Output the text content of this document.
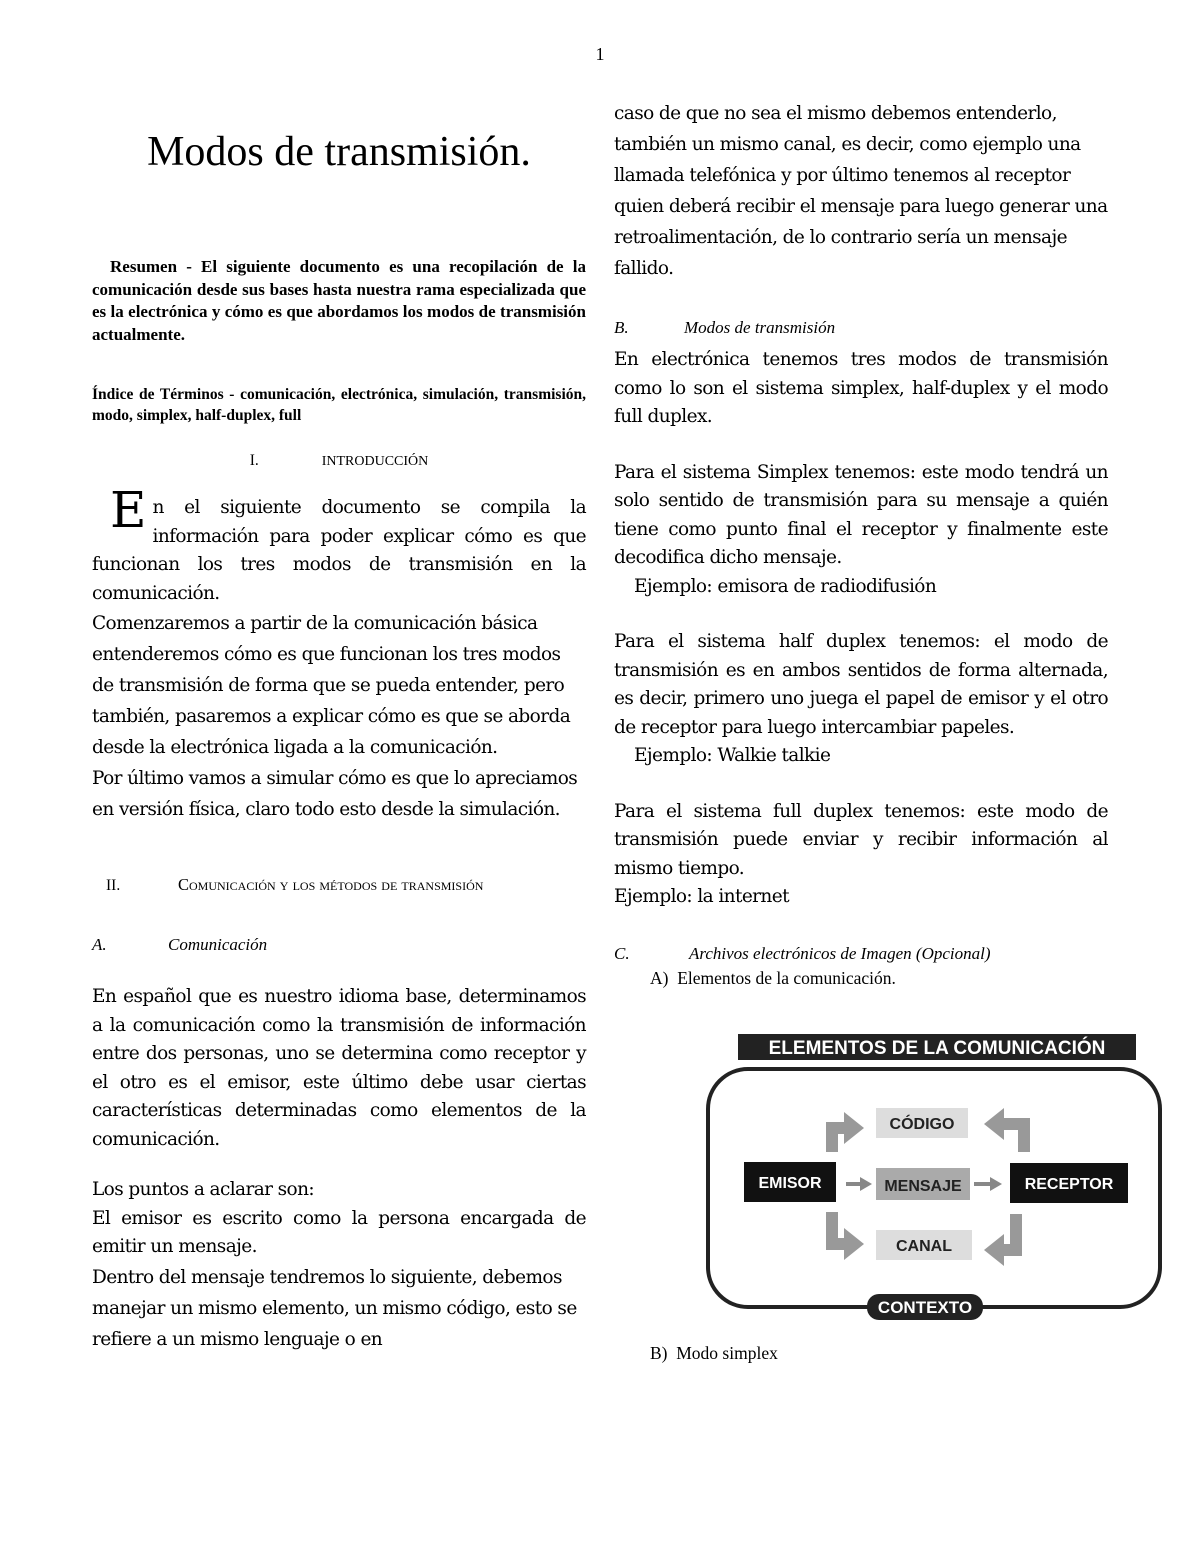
1
Modos de transmisión.
Resumen - El siguiente documento es una recopilación de la comunicación desde sus bases hasta nuestra rama especializada que es la electrónica y cómo es que abordamos los modos de transmisión actualmente.
Índice de Términos - comunicación, electrónica, simulación, transmisión, modo, simplex, half-duplex, full
I.	INTRODUCCIÓN
E n el siguiente documento se compila la información para poder explicar cómo es que funcionan los tres modos de transmisión en la comunicación.

Comenzaremos a partir de la comunicación básica entenderemos cómo es que funcionan los tres modos de transmisión de forma que se pueda entender, pero también, pasaremos a explicar cómo es que se aborda desde la electrónica ligada a la comunicación.

Por último vamos a simular cómo es que lo apreciamos en versión física, claro todo esto desde la simulación.

II.	Comunicación y los métodos de transmisión
A.	Comunicación

En español que es nuestro idioma base, determinamos a la comunicación como la transmisión de información entre dos personas, uno se determina como receptor y el otro es el emisor, este último debe usar ciertas características determinadas como elementos de la comunicación.

Los puntos a aclarar son:

El emisor es escrito como la persona encargada de emitir un mensaje.

Dentro del mensaje tendremos lo siguiente, debemos manejar un mismo elemento, un mismo código, esto se refiere a un mismo lenguaje o en

caso de que no sea el mismo debemos entenderlo, también un mismo canal, es decir, como ejemplo una llamada telefónica y por último tenemos al receptor quien deberá recibir el mensaje para luego generar una retroalimentación, de lo contrario sería un mensaje fallido.

B.	Modos de transmisión

En electrónica tenemos tres modos de transmisión como lo son el sistema simplex, half-duplex y el modo full duplex.

Para el sistema Simplex tenemos: este modo tendrá un solo sentido de transmisión para su mensaje a quién tiene como punto final el receptor y finalmente este decodifica dicho mensaje.

Ejemplo: emisora de radiodifusión

Para el sistema half duplex tenemos: el modo de transmisión es en ambos sentidos de forma alternada, es decir, primero uno juega el papel de emisor y el otro de receptor para luego intercambiar papeles.

Ejemplo: Walkie talkie

Para el sistema full duplex tenemos: este modo de transmisión puede enviar y recibir información al mismo tiempo.

Ejemplo: la internet

C.	Archivos electrónicos de Imagen (Opcional)
A)  Elementos de la comunicación.
ELEMENTOS DE LA COMUNICACIÓN
EMISOR	RECEPTOR
CÓDIGO
MENSAJE
CANAL
CONTEXTO
B)  Modo simplex
